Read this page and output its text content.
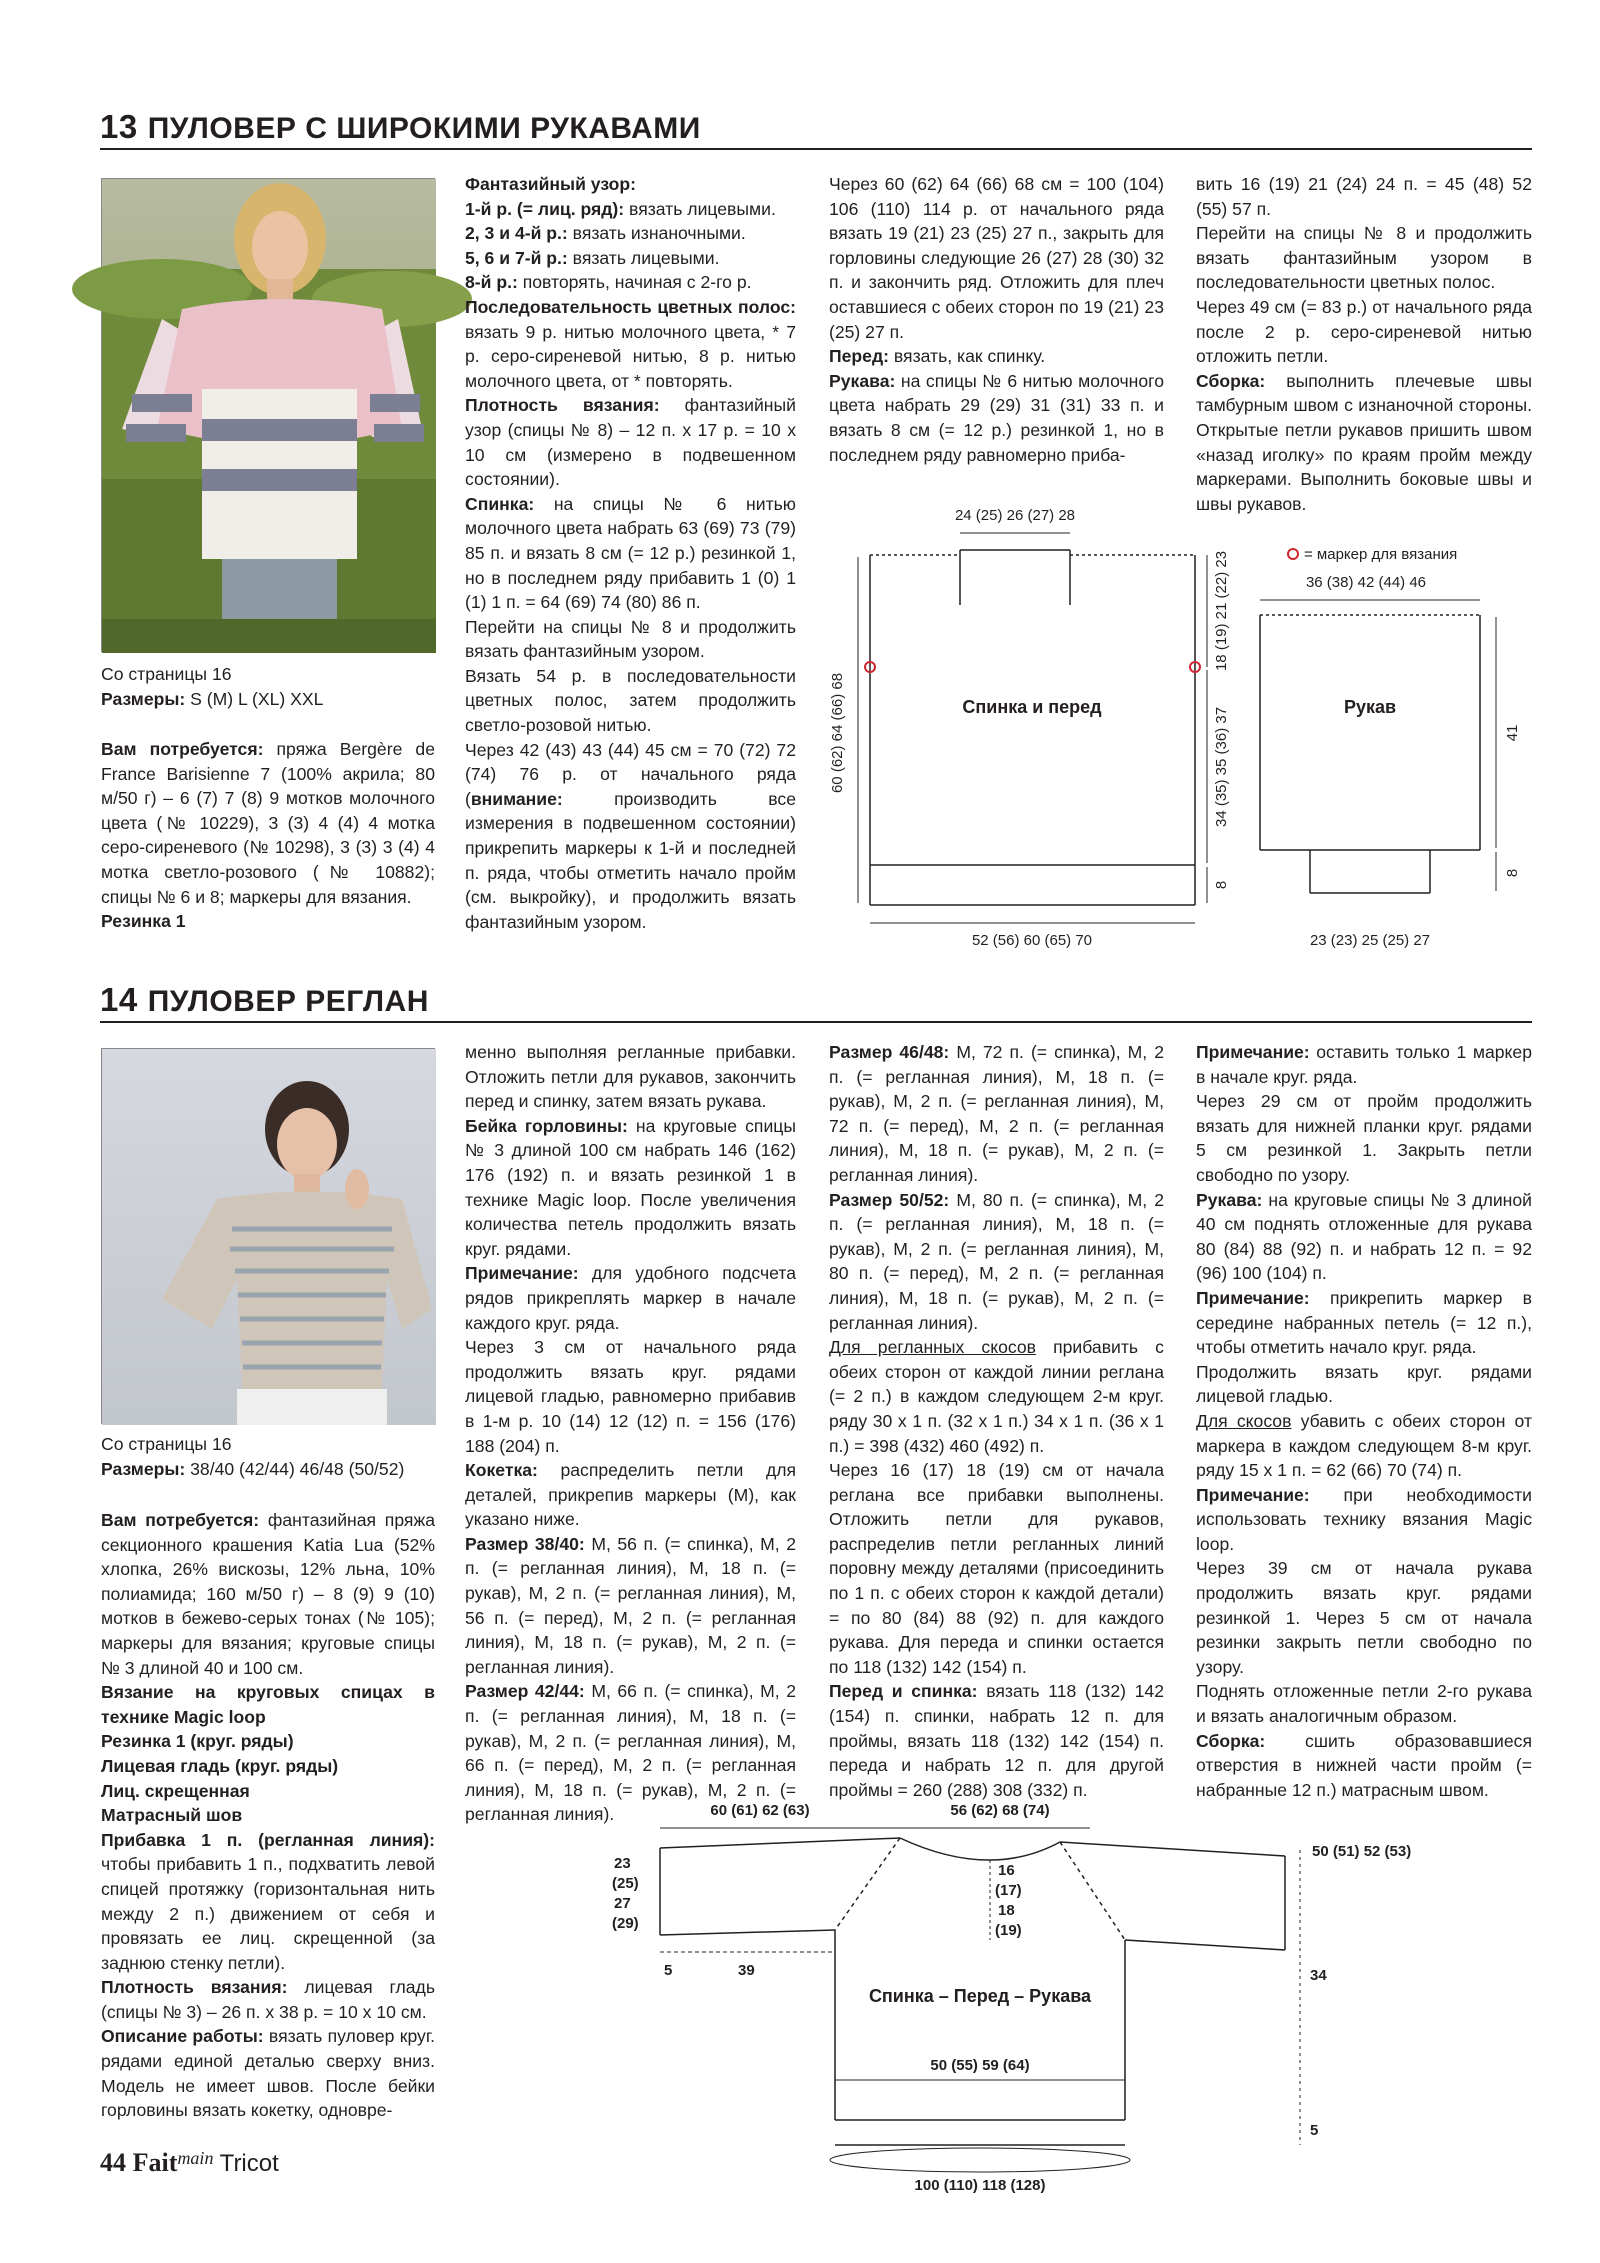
13 ПУЛОВЕР С ШИРОКИМИ РУКАВАМИ

Со страницы 16

Размеры: S (M) L (XL) XXL

Вам потребуется: пряжа Bergère de France Barisienne 7 (100% акрила; 80 м/50 г) – 6 (7) 7 (8) 9 мотков молочного цвета (№ 10229), 3 (3) 4 (4) 4 мотка серо-сиреневого (№ 10298), 3 (3) 3 (4) 4 мотка светло-розового (№ 10882); спицы № 6 и 8; маркеры для вязания.

Резинка 1

Фантазийный узор:

1-й р. (= лиц. ряд): вязать лицевыми.

2, 3 и 4-й р.: вязать изнаночными.

5, 6 и 7-й р.: вязать лицевыми.

8-й р.: повторять, начиная с 2-го р.

Последовательность цветных полос: вязать 9 р. нитью молочного цвета, * 7 р. серо-сиреневой нитью, 8 р. нитью молочного цвета, от * повторять.

Плотность вязания: фантазийный узор (спицы № 8) – 12 п. х 17 р. = 10 х 10 см (измерено в подвешенном состоянии).

Спинка: на спицы № 6 нитью молочного цвета набрать 63 (69) 73 (79) 85 п. и вязать 8 см (= 12 р.) резинкой 1, но в последнем ряду прибавить 1 (0) 1 (1) 1 п. = 64 (69) 74 (80) 86 п.

Перейти на спицы № 8 и продолжить вязать фантазийным узором.

Вязать 54 р. в последовательности цветных полос, затем продолжить светло-розовой нитью.

Через 42 (43) 43 (44) 45 см = 70 (72) 72 (74) 76 р. от начального ряда (внимание: производить все измерения в подвешенном состоянии) прикрепить маркеры к 1-й и последней п. ряда, чтобы отметить начало пройм (см. выкройку), и продолжить вязать фантазийным узором.

Через 60 (62) 64 (66) 68 см = 100 (104) 106 (110) 114 р. от начального ряда вязать 19 (21) 23 (25) 27 п., закрыть для горловины следующие 26 (27) 28 (30) 32 п. и закончить ряд. Отложить для плеч оставшиеся с обеих сторон по 19 (21) 23 (25) 27 п.

Перед: вязать, как спинку.

Рукава: на спицы № 6 нитью молочного цвета набрать 29 (29) 31 (31) 33 п. и вязать 8 см (= 12 р.) резинкой 1, но в последнем ряду равномерно приба-

вить 16 (19) 21 (24) 24 п. = 45 (48) 52 (55) 57 п.

Перейти на спицы № 8 и продолжить вязать фантазийным узором в последовательности цветных полос.

Через 49 см (= 83 р.) от начального ряда после 2 р. серо-сиреневой нитью отложить петли.

Сборка: выполнить плечевые швы тамбурным швом с изнаночной стороны. Открытые петли рукавов пришить швом «назад иголку» по краям пройм между маркерами. Выполнить боковые швы и швы рукавов.

24 (25) 26 (27) 28
60 (62) 64 (66) 68
18 (19) 21 (22) 23
34 (35) 35 (36) 37
8
Спинка и перед
52 (56) 60 (65) 70
= маркер для вязания
36 (38) 42 (44) 46
Рукав
41
8
23 (23) 25 (25) 27
14 ПУЛОВЕР РЕГЛАН

Со страницы 16

Размеры: 38/40 (42/44) 46/48 (50/52)

Вам потребуется: фантазийная пряжа секционного крашения Katia Lua (52% хлопка, 26% вискозы, 12% льна, 10% полиамида; 160 м/50 г) – 8 (9) 9 (10) мотков в бежево-серых тонах (№ 105); маркеры для вязания; круговые спицы № 3 длиной 40 и 100 см.

Вязание на круговых спицах в технике Magic loop

Резинка 1 (круг. ряды)

Лицевая гладь (круг. ряды)

Лиц. скрещенная

Матрасный шов

Прибавка 1 п. (регланная линия): чтобы прибавить 1 п., подхватить левой спицей протяжку (горизонтальная нить между 2 п.) движением от себя и провязать ее лиц. скрещенной (за заднюю стенку петли).

Плотность вязания: лицевая гладь (спицы № 3) – 26 п. х 38 р. = 10 х 10 см.

Описание работы: вязать пуловер круг. рядами единой деталью сверху вниз. Модель не имеет швов. После бейки горловины вязать кокетку, одновре-

менно выполняя регланные прибавки. Отложить петли для рукавов, закончить перед и спинку, затем вязать рукава.

Бейка горловины: на круговые спицы № 3 длиной 100 см набрать 146 (162) 176 (192) п. и вязать резинкой 1 в технике Magic loop. После увеличения количества петель продолжить вязать круг. рядами.

Примечание: для удобного подсчета рядов прикреплять маркер в начале каждого круг. ряда.

Через 3 см от начального ряда продолжить вязать круг. рядами лицевой гладью, равномерно прибавив в 1-м р. 10 (14) 12 (12) п. = 156 (176) 188 (204) п.

Кокетка: распределить петли для деталей, прикрепив маркеры (М), как указано ниже.

Размер 38/40: М, 56 п. (= спинка), М, 2 п. (= регланная линия), М, 18 п. (= рукав), М, 2 п. (= регланная линия), М, 56 п. (= перед), М, 2 п. (= регланная линия), М, 18 п. (= рукав), М, 2 п. (= регланная линия).

Размер 42/44: М, 66 п. (= спинка), М, 2 п. (= регланная линия), М, 18 п. (= рукав), М, 2 п. (= регланная линия), М, 66 п. (= перед), М, 2 п. (= регланная линия), М, 18 п. (= рукав), М, 2 п. (= регланная линия).

Размер 46/48: М, 72 п. (= спинка), М, 2 п. (= регланная линия), М, 18 п. (= рукав), М, 2 п. (= регланная линия), М, 72 п. (= перед), М, 2 п. (= регланная линия), М, 18 п. (= рукав), М, 2 п. (= регланная линия).

Размер 50/52: М, 80 п. (= спинка), М, 2 п. (= регланная линия), М, 18 п. (= рукав), М, 2 п. (= регланная линия), М, 80 п. (= перед), М, 2 п. (= регланная линия), М, 18 п. (= рукав), М, 2 п. (= регланная линия).

Для регланных скосов прибавить с обеих сторон от каждой линии реглана (= 2 п.) в каждом следующем 2-м круг. ряду 30 х 1 п. (32 х 1 п.) 34 х 1 п. (36 х 1 п.) = 398 (432) 460 (492) п.

Через 16 (17) 18 (19) см от начала реглана все прибавки выполнены. Отложить петли для рукавов, распределив петли регланных линий поровну между деталями (присоединить по 1 п. с обеих сторон к каждой детали) = по 80 (84) 88 (92) п. для каждого рукава. Для переда и спинки остается по 118 (132) 142 (154) п.

Перед и спинка: вязать 118 (132) 142 (154) п. спинки, набрать 12 п. для проймы, вязать 118 (132) 142 (154) п. переда и набрать 12 п. для другой проймы = 260 (288) 308 (332) п.

Примечание: оставить только 1 маркер в начале круг. ряда.

Через 29 см от пройм продолжить вязать для нижней планки круг. рядами 5 см резинкой 1. Закрыть петли свободно по узору.

Рукава: на круговые спицы № 3 длиной 40 см поднять отложенные для рукава 80 (84) 88 (92) п. и набрать 12 п. = 92 (96) 100 (104) п.

Примечание: прикрепить маркер в середине набранных петель (= 12 п.), чтобы отметить начало круг. ряда.

Продолжить вязать круг. рядами лицевой гладью.

Для скосов убавить с обеих сторон от маркера в каждом следующем 8-м круг. ряду 15 х 1 п. = 62 (66) 70 (74) п.

Примечание: при необходимости использовать технику вязания Magic loop.

Через 39 см от начала рукава продолжить вязать круг. рядами резинкой 1. Через 5 см от начала резинки закрыть петли свободно по узору.

Поднять отложенные петли 2-го рукава и вязать аналогичным образом.

Сборка: сшить образовавшиеся отверстия в нижней части пройм (= набранные 12 п.) матрасным швом.

60 (61) 62 (63)	56 (62) 68 (74)
23
(25)
27
(29)
16
(17)
18
(19)
5	39
Спинка – Перед – Рукава
50 (55) 59 (64)
100 (110) 118 (128)
50 (51) 52 (53)
34
5
44 Fait$^{main}$ Tricot
